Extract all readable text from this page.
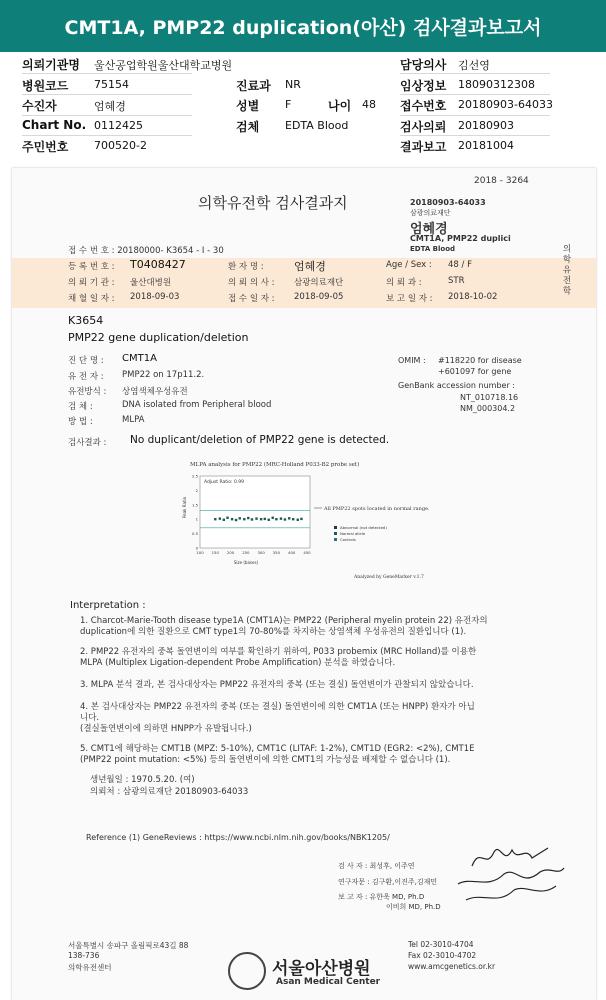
CMT1A, PMP22 duplication(아산) 검사결과보고서
의뢰기관명 울산공업학원울산대학교병원	담당의사 김선영
병원코드 75154	진료과 NR	임상정보 18090312308
수진자	엄혜경	성별 F	나이 48 접수번호 20180903-64033
Chart No. 0112425	검체 EDTA Blood	검사의뢰 20180903
주민번호 700520-2	결과보고 20181004
2018 - 3264
의학유전학 검사결과지	20180903-64033
삼광의료재단
엄혜경
CMT1A, PMP22 duplici
EDTA Blood	의학유전학
접 수 번 호 : 20180000- K3654 - I - 30
등 록 번 호 : T0408427	환 자 명 :	엄혜경	Age / Sex : 48 / F
의 뢰 기 관 : 울산대병원	의 뢰 의 사 : 삼광의료재단	의 뢰 과 :	STR
채 혈 일 자 : 2018-09-03	접 수 일 자 : 2018-09-05	보 고 일 자 : 2018-10-02
K3654
PMP22 gene duplication/deletion
진 단 명 : CMT1A
유 전 자 : PMP22 on 17p11.2.
유전방식 : 상염색체우성유전
검 체 :	DNA isolated from Peripheral blood
방 법 :	MLPA
OMIM : #118220 for disease
+601097 for gene
GenBank accession number :
NT_010718.16
NM_000304.2
검사결과 : No duplicant/deletion of PMP22 gene is detected.
MLPA analysis for PMP22 (MRC-Holland P033-B2 probe set)
Adjust Ratio: 0.99
Peak Ratio
Size (bases)
0
0.5
1
1.5
2
2.5
100 150 200 250 300 350 400 450
All PMP22 spots located in normal range.
Abnormal (not detected)
Normal allele
Controls
Analyzed by GeneMarker v.1.7
Interpretation :

1. Charcot-Marie-Tooth disease type1A (CMT1A)는 PMP22 (Peripheral myelin protein 22) 유전자의

duplication에 의한 질환으로 CMT type1의 70-80%를 차지하는 상염색체 우성유전의 질환입니다 (1).

2. PMP22 유전자의 중복 돌연변이의 여부를 확인하기 위하여, P033 probemix (MRC Holland)를 이용한

MLPA (Multiplex Ligation-dependent Probe Amplification) 분석을 하였습니다.

3. MLPA 분석 결과, 본 검사대상자는 PMP22 유전자의 중복 (또는 결실) 돌연변이가 관찰되지 않았습니다.

4. 본 검사대상자는 PMP22 유전자의 중복 (또는 결실) 돌연변이에 의한 CMT1A (또는 HNPP) 환자가 아닙

니다.

(결실돌연변이에 의하면 HNPP가 유발됩니다.)

5. CMT1에 해당하는 CMT1B (MPZ: 5-10%), CMT1C (LITAF: 1-2%), CMT1D (EGR2: <2%), CMT1E

(PMP22 point mutation: <5%) 등의 돌연변이에 의한 CMT1의 가능성을 배제할 수 없습니다 (1).

생년월일 : 1970.5.20. (여)
의뢰처 : 삼광의료재단 20180903-64033
Reference (1) GeneReviews : https://www.ncbi.nlm.nih.gov/books/NBK1205/
검 사 자 : 최성후, 이주연
연구자문 : 김구환,이진주,김재민
보 고 자 : 유한욱 MD, Ph.D
이비희 MD, Ph.D
서울특별시 송파구 올림픽로43길 88
138-736
의학유전센터	서울아산병원
Asan Medical Center
Tel 02-3010-4704
Fax 02-3010-4702
www.amcgenetics.or.kr
